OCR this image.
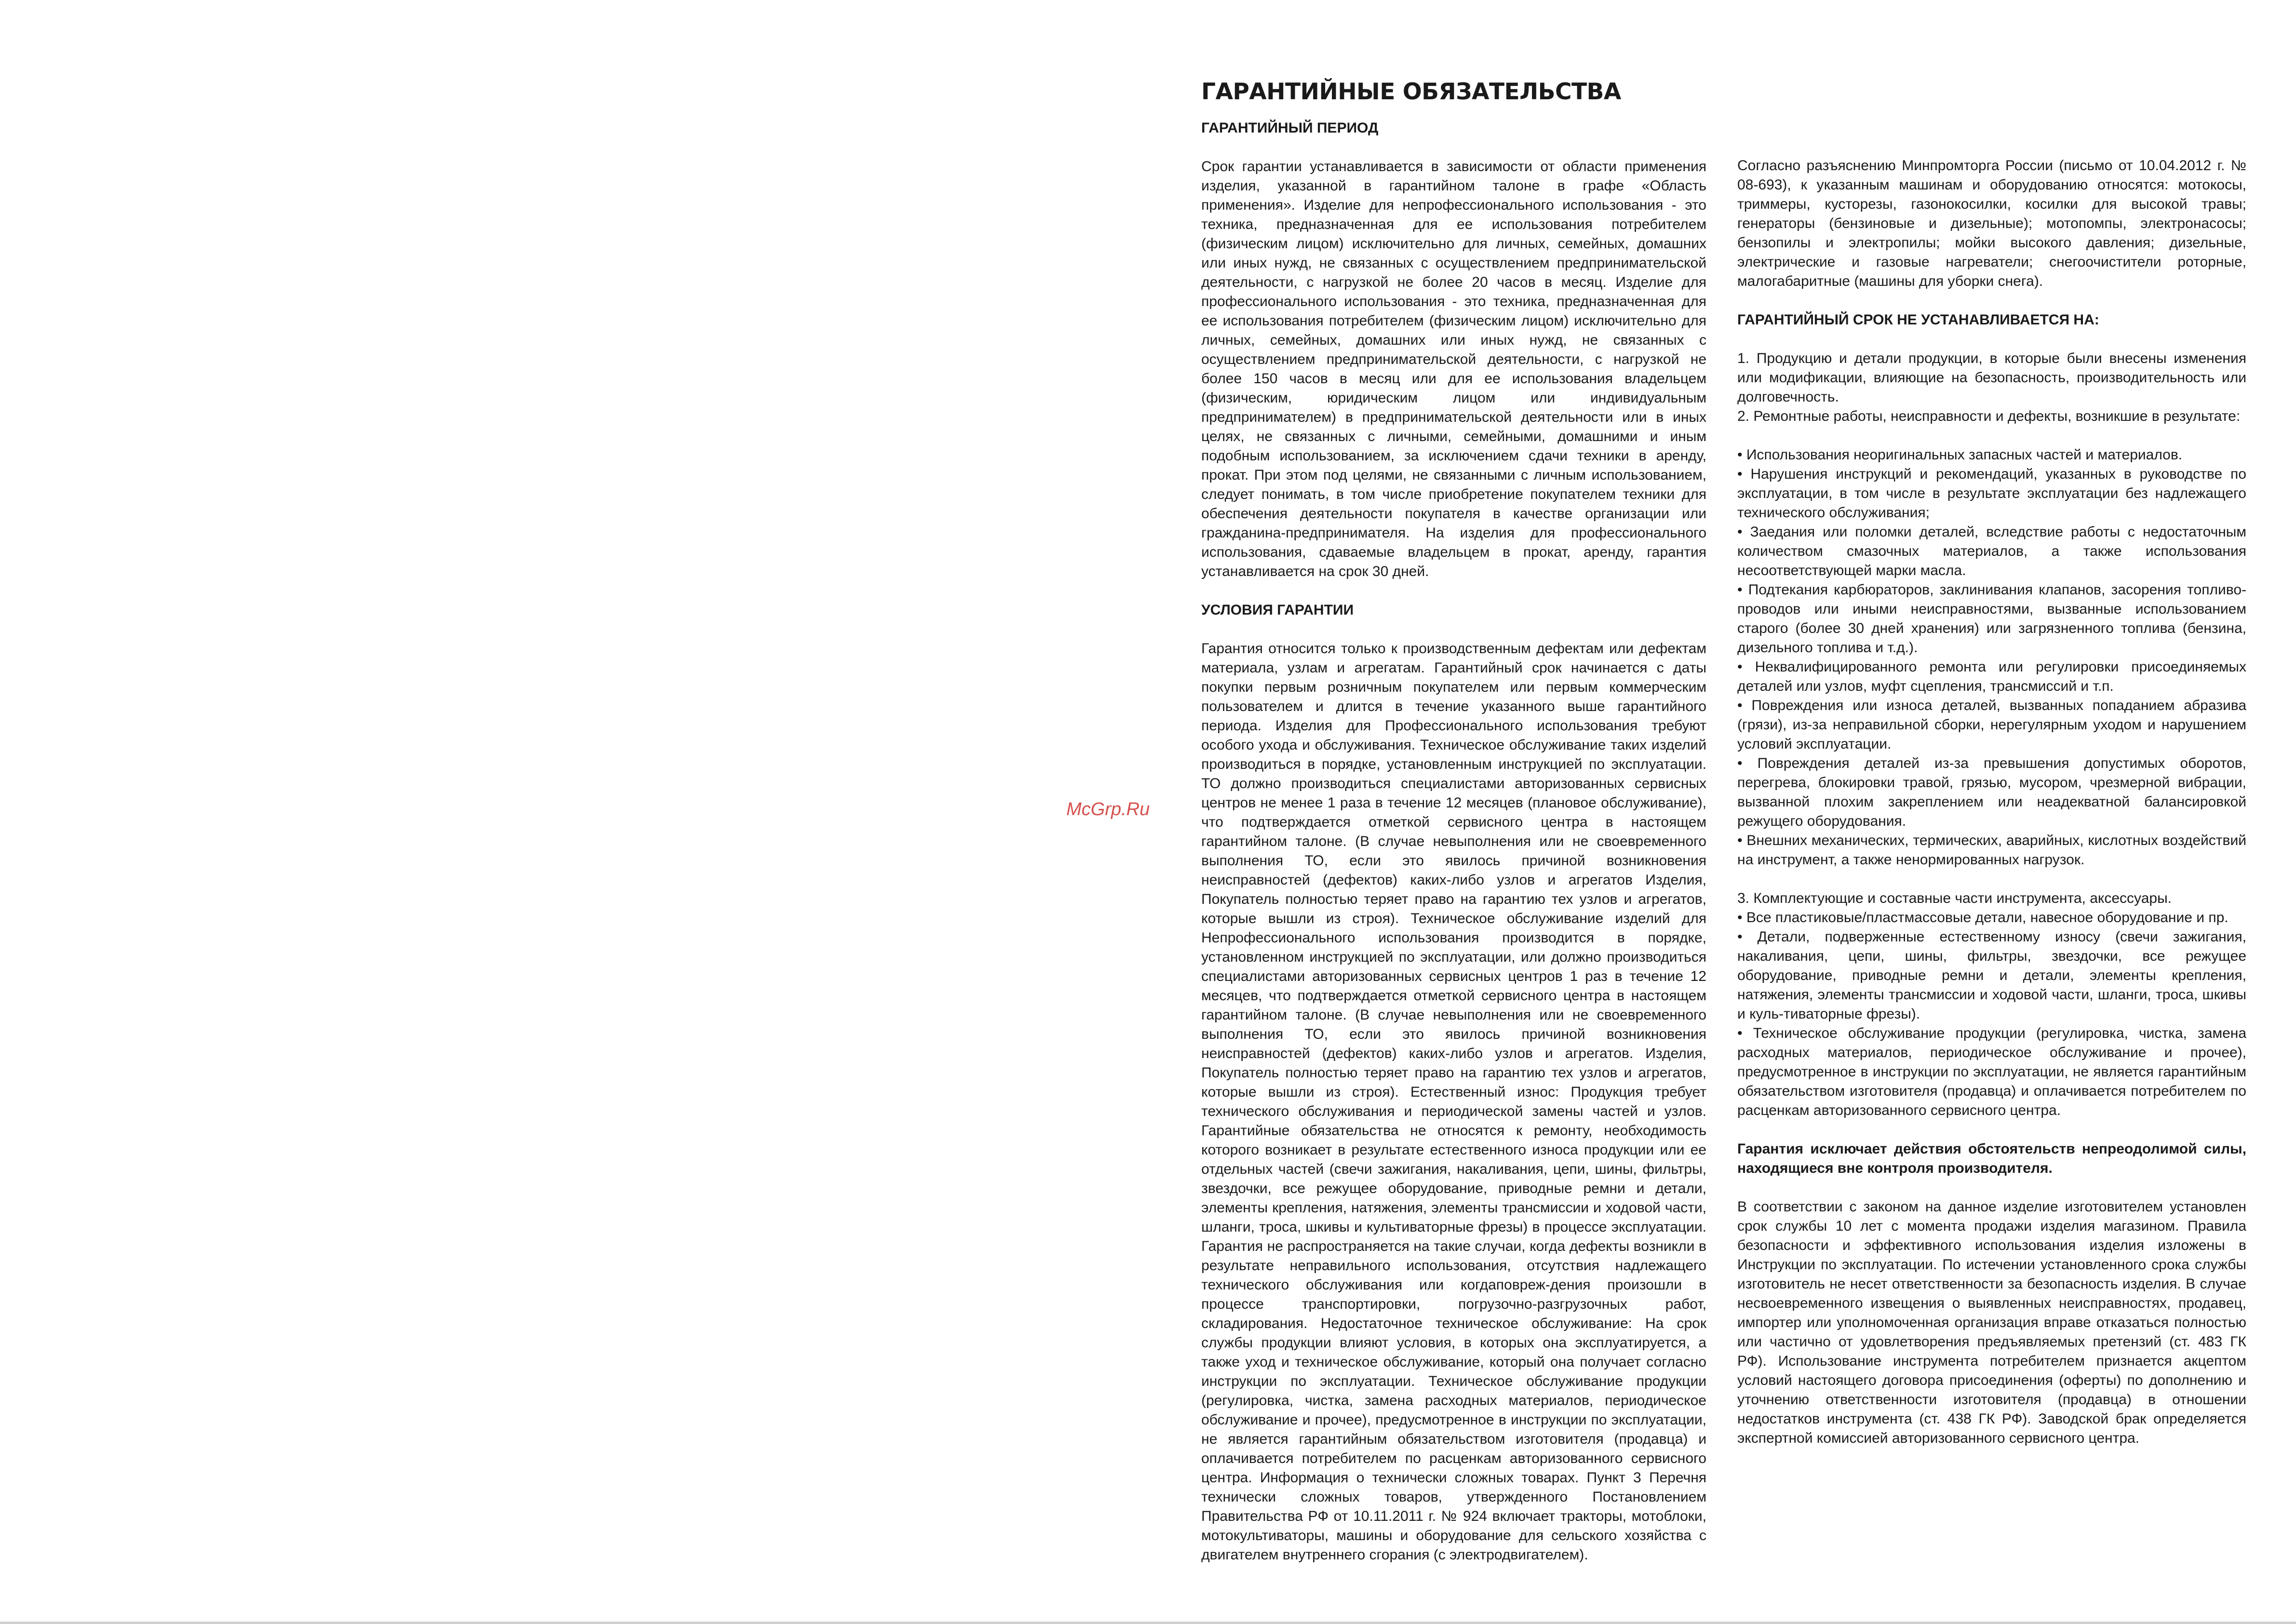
McGrp.Ru
ГАРАНТИЙНЫЕ ОБЯЗАТЕЛЬСТВА

ГАРАНТИЙНЫЙ ПЕРИОД

Срок гарантии устанавливается в зависимости от области применения изделия, указанной в гарантийном талоне в графе «Область применения». Изделие для непрофессионального использования - это техника, предназначенная для ее использования потребителем (физическим лицом) исключительно для личных, семейных, домашних или иных нужд, не связанных с осуществлением предпринимательской деятельности, с нагрузкой не более 20 часов в месяц. Изделие для профессионального использования - это техника, предназначенная для ее использования потребителем (физическим лицом) исключительно для личных, семейных, домашних или иных нужд, не связанных с осуществлением предпринимательской деятельности, с нагрузкой не более 150 часов в месяц или для ее использования владельцем (физическим, юридическим лицом или индивидуальным предпринимателем) в предпринимательской деятельности или в иных целях, не связанных с личными, семейными, домашними и иным подобным использованием, за исключением сдачи техники в аренду, прокат. При этом под целями, не связанными с личным использованием, следует понимать, в том числе приобретение покупателем техники для обеспечения деятельности покупателя в качестве организации или гражданина-предпринимателя. На изделия для профессионального использования, сдаваемые владельцем в прокат, аренду, гарантия устанавливается на срок 30 дней.

УСЛОВИЯ ГАРАНТИИ

Гарантия относится только к производственным дефектам или дефектам материала, узлам и агрегатам. Гарантийный срок начинается с даты покупки первым розничным покупателем или первым коммерческим пользователем и длится в течение указанного выше гарантийного периода. Изделия для Профессионального использования требуют особого ухода и обслуживания. Техническое обслуживание таких изделий производиться в порядке, установленным инструкцией по эксплуатации. ТО должно производиться специалистами авторизованных сервисных центров не менее 1 раза в течение 12 месяцев (плановое обслуживание), что подтверждается отметкой сервисного центра в настоящем гарантийном талоне. (В случае невыполнения или не своевременного выполнения ТО, если это явилось причиной возникновения неисправностей (дефектов) каких-либо узлов и агрегатов Изделия, Покупатель полностью теряет право на гарантию тех узлов и агрегатов, которые вышли из строя). Техническое обслуживание изделий для Непрофессионального использования производится в порядке, установленном инструкцией по эксплуатации, или должно производиться специалистами авторизованных сервисных центров 1 раз в течение 12 месяцев, что подтверждается отметкой сервисного центра в настоящем гарантийном талоне. (В случае невыполнения или не своевременного выполнения ТО, если это явилось причиной возникновения неисправностей (дефектов) каких-либо узлов и агрегатов. Изделия, Покупатель полностью теряет право на гарантию тех узлов и агрегатов, которые вышли из строя). Естественный износ: Продукция требует технического обслуживания и периодической замены частей и узлов. Гарантийные обязательства не относятся к ремонту, необходимость которого возникает в результате естественного износа продукции или ее отдельных частей (свечи зажигания, накаливания, цепи, шины, фильтры, звездочки, все режущее оборудование, приводные ремни и детали, элементы крепления, натяжения, элементы трансмиссии и ходовой части, шланги, троса, шкивы и культиваторные фрезы) в процессе эксплуатации. Гарантия не распространяется на такие случаи, когда дефекты возникли в результате неправильного использования, отсутствия надлежащего технического обслуживания или когдаповреж-дения произошли в процессе транспортировки, погрузочно-разгрузочных работ, складирования. Недостаточное техническое обслуживание: На срок службы продукции влияют условия, в которых она эксплуатируется, а также уход и техническое обслуживание, который она получает согласно инструкции по эксплуатации. Техническое обслуживание продукции (регулировка, чистка, замена расходных материалов, периодическое обслуживание и прочее), предусмотренное в инструкции по эксплуатации, не является гарантийным обязательством изготовителя (продавца) и оплачивается потребителем по расценкам авторизованного сервисного центра. Информация о технически сложных товарах. Пункт 3 Перечня технически сложных товаров, утвержденного Постановлением Правительства РФ от 10.11.2011 г. № 924 включает тракторы, мотоблоки, мотокультиваторы, машины и оборудование для сельского хозяйства с двигателем внутреннего сгорания (с электродвигателем).

Согласно разъяснению Минпромторга России (письмо от 10.04.2012 г. № 08-693), к указанным машинам и оборудованию относятся: мотокосы, триммеры, кусторезы, газонокосилки, косилки для высокой травы; генераторы (бензиновые и дизельные); мотопомпы, электронасосы; бензопилы и электропилы; мойки высокого давления; дизельные, электрические и газовые нагреватели; снегоочистители роторные, малогабаритные (машины для уборки снега).

ГАРАНТИЙНЫЙ СРОК НЕ УСТАНАВЛИВАЕТСЯ НА:

1. Продукцию и детали продукции, в которые были внесены изменения или модификации, влияющие на безопасность, производительность или долговечность.

2. Ремонтные работы, неисправности и дефекты, возникшие в результате:

• Использования неоригинальных запасных частей и материалов.

• Нарушения инструкций и рекомендаций, указанных в руководстве по эксплуатации, в том числе в результате эксплуатации без надлежащего технического обслуживания;

• Заедания или поломки деталей, вследствие работы с недостаточным количеством смазочных материалов, а также использования несоответствующей марки масла.

• Подтекания карбюраторов, заклинивания клапанов, засорения топливо-проводов или иными неисправностями, вызванные использованием старого (более 30 дней хранения) или загрязненного топлива (бензина, дизельного топлива и т.д.).

• Неквалифицированного ремонта или регулировки присоединяемых деталей или узлов, муфт сцепления, трансмиссий и т.п.

• Повреждения или износа деталей, вызванных попаданием абразива (грязи), из-за неправильной сборки, нерегулярным уходом и нарушением условий эксплуатации.

• Повреждения деталей из-за превышения допустимых оборотов, перегрева, блокировки травой, грязью, мусором, чрезмерной вибрации, вызванной плохим закреплением или неадекватной балансировкой режущего оборудования.

• Внешних механических, термических, аварийных, кислотных воздействий на инструмент, а также ненормированных нагрузок.

3. Комплектующие и составные части инструмента, аксессуары.

• Все пластиковые/пластмассовые детали, навесное оборудование и пр.

• Детали, подверженные естественному износу (свечи зажигания, накаливания, цепи, шины, фильтры, звездочки, все режущее оборудование, приводные ремни и детали, элементы крепления, натяжения, элементы трансмиссии и ходовой части, шланги, троса, шкивы и куль-тиваторные фрезы).

• Техническое обслуживание продукции (регулировка, чистка, замена расходных материалов, периодическое обслуживание и прочее), предусмотренное в инструкции по эксплуатации, не является гарантийным обязательством изготовителя (продавца) и оплачивается потребителем по расценкам авторизованного сервисного центра.

Гарантия исключает действия обстоятельств непреодолимой силы, находящиеся вне контроля производителя.

В соответствии с законом на данное изделие изготовителем установлен срок службы 10 лет с момента продажи изделия магазином. Правила безопасности и эффективного использования изделия изложены в Инструкции по эксплуатации. По истечении установленного срока службы изготовитель не несет ответственности за безопасность изделия. В случае несвоевременного извещения о выявленных неисправностях, продавец, импортер или уполномоченная организация вправе отказаться полностью или частично от удовлетворения предъявляемых претензий (ст. 483 ГК РФ). Использование инструмента потребителем признается акцептом условий настоящего договора присоединения (оферты) по дополнению и уточнению ответственности изготовителя (продавца) в отношении недостатков инструмента (ст. 438 ГК РФ). Заводской брак определяется экспертной комиссией авторизованного сервисного центра.
